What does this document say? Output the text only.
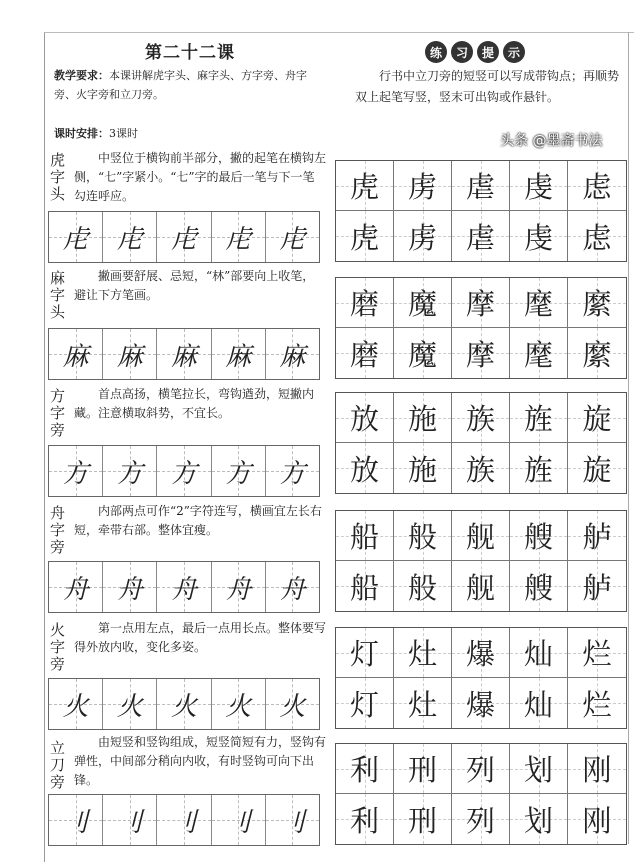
第二十二课
教学要求：本课讲解虎字头、麻字头、方字旁、舟字旁、火字旁和立刀旁。
课时安排：3课时
练	习	提	示
行书中立刀旁的短竖可以写成带钩点；再顺势双上起笔写竖，竖末可出钩或作悬针。
虎字头
中竖位于横钩前半部分，撇的起笔在横钩左侧，“七”字紧小。“七”字的最后一笔与下一笔勾连呼应。
虍 虍 虍 虍 虍
虎 虏 虐 虔 虑
虎 虏 虐 虔 虑
麻字头
撇画要舒展、忌短，“林”部要向上收笔，避让下方笔画。
麻 麻 麻 麻 麻
磨 魔 摩 麾 縻
磨 魔 摩 麾 縻
方字旁
首点高扬，横笔拉长，弯钩遒劲，短撇内藏。注意横取斜势，不宜长。
方 方 方 方 方
放 施 族 旌 旋
放 施 族 旌 旋
舟字旁
内部两点可作“2”字符连写，横画宜左长右短，牵带右部。整体宜瘦。
舟 舟 舟 舟 舟
船 般 舰 艘 舻
船 般 舰 艘 舻
火字旁
第一点用左点，最后一点用长点。整体要写得外放内收，变化多姿。
火 火 火 火 火
灯 灶 爆 灿 烂
灯 灶 爆 灿 烂
立刀旁
由短竖和竖钩组成，短竖简短有力，竖钩有弹性，中间部分稍向内收，有时竖钩可向下出锋。
刂 刂 刂 刂 刂
利 刑 列 划 刚
利 刑 列 划 刚
头条 @墨斋书法
